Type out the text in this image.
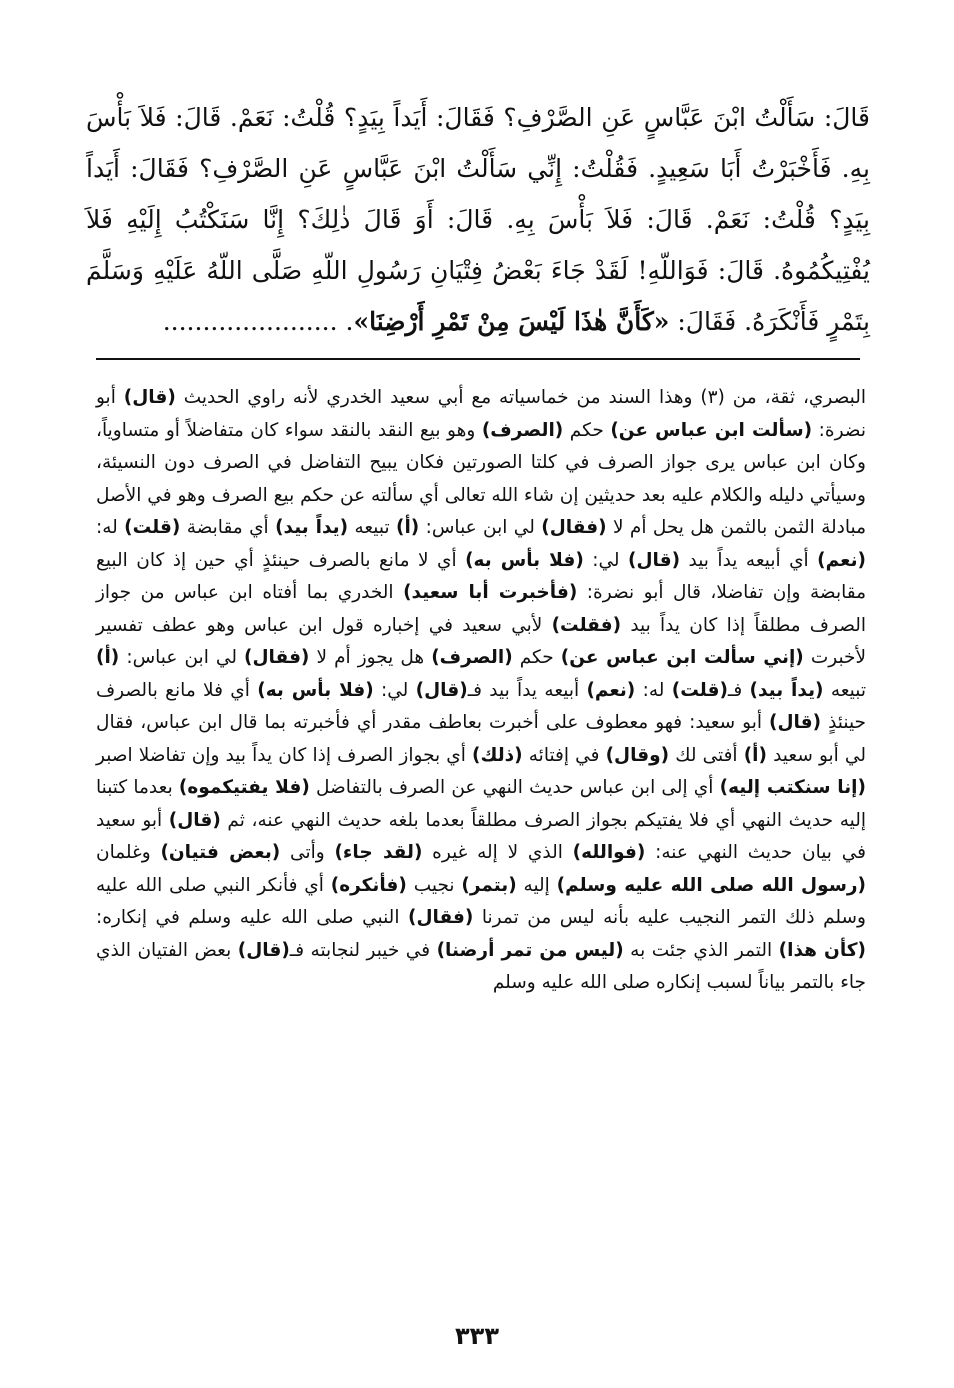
قَالَ: سَأَلْتُ ابْنَ عَبَّاسٍ عَنِ الصَّرْفِ؟ فَقَالَ: أَيَداً بِيَدٍ؟ قُلْتُ: نَعَمْ. قَالَ: فَلاَ بَأْسَ بِهِ. فَأَخْبَرْتُ أَبَا سَعِيدٍ. فَقُلْتُ: إِنِّي سَأَلْتُ ابْنَ عَبَّاسٍ عَنِ الصَّرْفِ؟ فَقَالَ: أَيَداً بِيَدٍ؟ قُلْتُ: نَعَمْ. قَالَ: فَلاَ بَأْسَ بِهِ. قَالَ: أَوَ قَالَ ذٰلِكَ؟ إِنَّا سَنَكْتُبُ إِلَيْهِ فَلاَ يُفْتِيكُمُوهُ. قَالَ: فَوَاللّهِ! لَقَدْ جَاءَ بَعْضُ فِتْيَانِ رَسُولِ اللّهِ صَلَّى اللّهُ عَلَيْهِ وَسَلَّمَ بِتَمْرٍ فَأَنْكَرَهُ. فَقَالَ: «كَأَنَّ هٰذَا لَيْسَ مِنْ تَمْرِ أَرْضِنَا». ......................

البصري، ثقة، من (٣) وهذا السند من خماسياته مع أبي سعيد الخدري لأنه راوي الحديث (قال) أبو نضرة: (سألت ابن عباس عن) حكم (الصرف) وهو بيع النقد بالنقد سواء كان متفاضلاً أو متساوياً، وكان ابن عباس يرى جواز الصرف في كلتا الصورتين فكان يبيح التفاضل في الصرف دون النسيئة، وسيأتي دليله والكلام عليه بعد حديثين إن شاء الله تعالى أي سألته عن حكم بيع الصرف وهو في الأصل مبادلة الثمن بالثمن هل يحل أم لا (فقال) لي ابن عباس: (أ) تبيعه (يداً بيد) أي مقابضة (قلت) له: (نعم) أي أبيعه يداً بيد (قال) لي: (فلا بأس به) أي لا مانع بالصرف حينئذٍ أي حين إذ كان البيع مقابضة وإن تفاضلا، قال أبو نضرة: (فأخبرت أبا سعيد) الخدري بما أفتاه ابن عباس من جواز الصرف مطلقاً إذا كان يداً بيد (فقلت) لأبي سعيد في إخباره قول ابن عباس وهو عطف تفسير لأخبرت (إني سألت ابن عباس عن) حكم (الصرف) هل يجوز أم لا (فقال) لي ابن عباس: (أ) تبيعه (يداً بيد) فـ(قلت) له: (نعم) أبيعه يداً بيد فـ(قال) لي: (فلا بأس به) أي فلا مانع بالصرف حينئذٍ (قال) أبو سعيد: فهو معطوف على أخبرت بعاطف مقدر أي فأخبرته بما قال ابن عباس، فقال لي أبو سعيد (أ) أفتى لك (وقال) في إفتائه (ذلك) أي بجواز الصرف إذا كان يداً بيد وإن تفاضلا اصبر (إنا سنكتب إليه) أي إلى ابن عباس حديث النهي عن الصرف بالتفاضل (فلا يفتيكموه) بعدما كتبنا إليه حديث النهي أي فلا يفتيكم بجواز الصرف مطلقاً بعدما بلغه حديث النهي عنه، ثم (قال) أبو سعيد في بيان حديث النهي عنه: (فوالله) الذي لا إله غيره (لقد جاء) وأتى (بعض فتيان) وغلمان (رسول الله صلى الله عليه وسلم) إليه (بتمر) نجيب (فأنكره) أي فأنكر النبي صلى الله عليه وسلم ذلك التمر النجيب عليه بأنه ليس من تمرنا (فقال) النبي صلى الله عليه وسلم في إنكاره: (كأن هذا) التمر الذي جئت به (ليس من تمر أرضنا) في خيبر لنجابته فـ(قال) بعض الفتيان الذي جاء بالتمر بياناً لسبب إنكاره صلى الله عليه وسلم

٣٣٣
